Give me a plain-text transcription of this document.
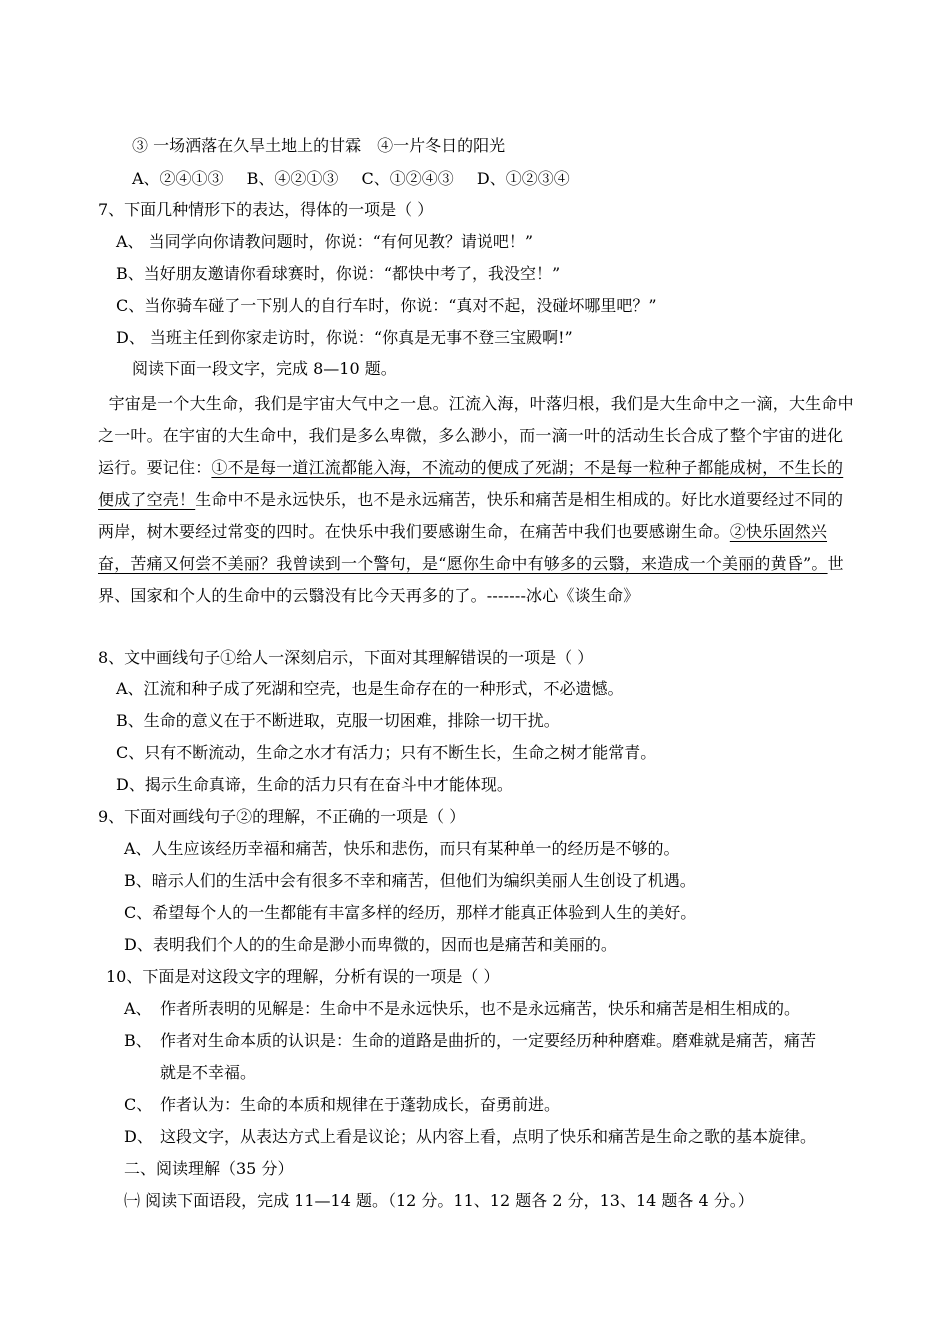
③ 一场洒落在久旱土地上的甘霖　④一片冬日的阳光
A、②④①③ B、④②①③ C、①②④③ D、①②③④
7、下面几种情形下的表达，得体的一项是（ ）
A、 当同学向你请教问题时，你说：“有何见教？请说吧！”
B、当好朋友邀请你看球赛时，你说：“都快中考了，我没空！”
C、当你骑车碰了一下别人的自行车时，你说：“真对不起，没碰坏哪里吧？”
D、 当班主任到你家走访时，你说：“你真是无事不登三宝殿啊!”
阅读下面一段文字，完成 8—10 题。
宇宙是一个大生命，我们是宇宙大气中之一息。江流入海，叶落归根，我们是大生命中之一滴，大生命中之一叶。在宇宙的大生命中，我们是多么卑微，多么渺小，而一滴一叶的活动生长合成了整个宇宙的进化运行。要记住：①不是每一道江流都能入海，不流动的便成了死湖；不是每一粒种子都能成树，不生长的便成了空壳！生命中不是永远快乐，也不是永远痛苦，快乐和痛苦是相生相成的。好比水道要经过不同的两岸，树木要经过常变的四时。在快乐中我们要感谢生命，在痛苦中我们也要感谢生命。②快乐固然兴奋，苦痛又何尝不美丽？我曾读到一个警句，是“愿你生命中有够多的云翳，来造成一个美丽的黄昏”。世界、国家和个人的生命中的云翳没有比今天再多的了。-------冰心《谈生命》
8、文中画线句子①给人一深刻启示，下面对其理解错误的一项是（ ）
A、江流和种子成了死湖和空壳，也是生命存在的一种形式，不必遗憾。
B、生命的意义在于不断进取，克服一切困难，排除一切干扰。
C、只有不断流动，生命之水才有活力；只有不断生长，生命之树才能常青。
D、揭示生命真谛，生命的活力只有在奋斗中才能体现。
9、下面对画线句子②的理解，不正确的一项是（ ）
A、人生应该经历幸福和痛苦，快乐和悲伤，而只有某种单一的经历是不够的。
B、暗示人们的生活中会有很多不幸和痛苦，但他们为编织美丽人生创设了机遇。
C、希望每个人的一生都能有丰富多样的经历，那样才能真正体验到人生的美好。
D、表明我们个人的的生命是渺小而卑微的，因而也是痛苦和美丽的。
10、下面是对这段文字的理解，分析有误的一项是（ ）
A、 作者所表明的见解是：生命中不是永远快乐，也不是永远痛苦，快乐和痛苦是相生相成的。
B、 作者对生命本质的认识是：生命的道路是曲折的，一定要经历种种磨难。磨难就是痛苦，痛苦
就是不幸福。
C、 作者认为：生命的本质和规律在于蓬勃成长，奋勇前进。
D、 这段文字，从表达方式上看是议论；从内容上看，点明了快乐和痛苦是生命之歌的基本旋律。
二、阅读理解（35 分）
㈠ 阅读下面语段，完成 11—14 题。（12 分。11、12 题各 2 分，13、14 题各 4 分。）
